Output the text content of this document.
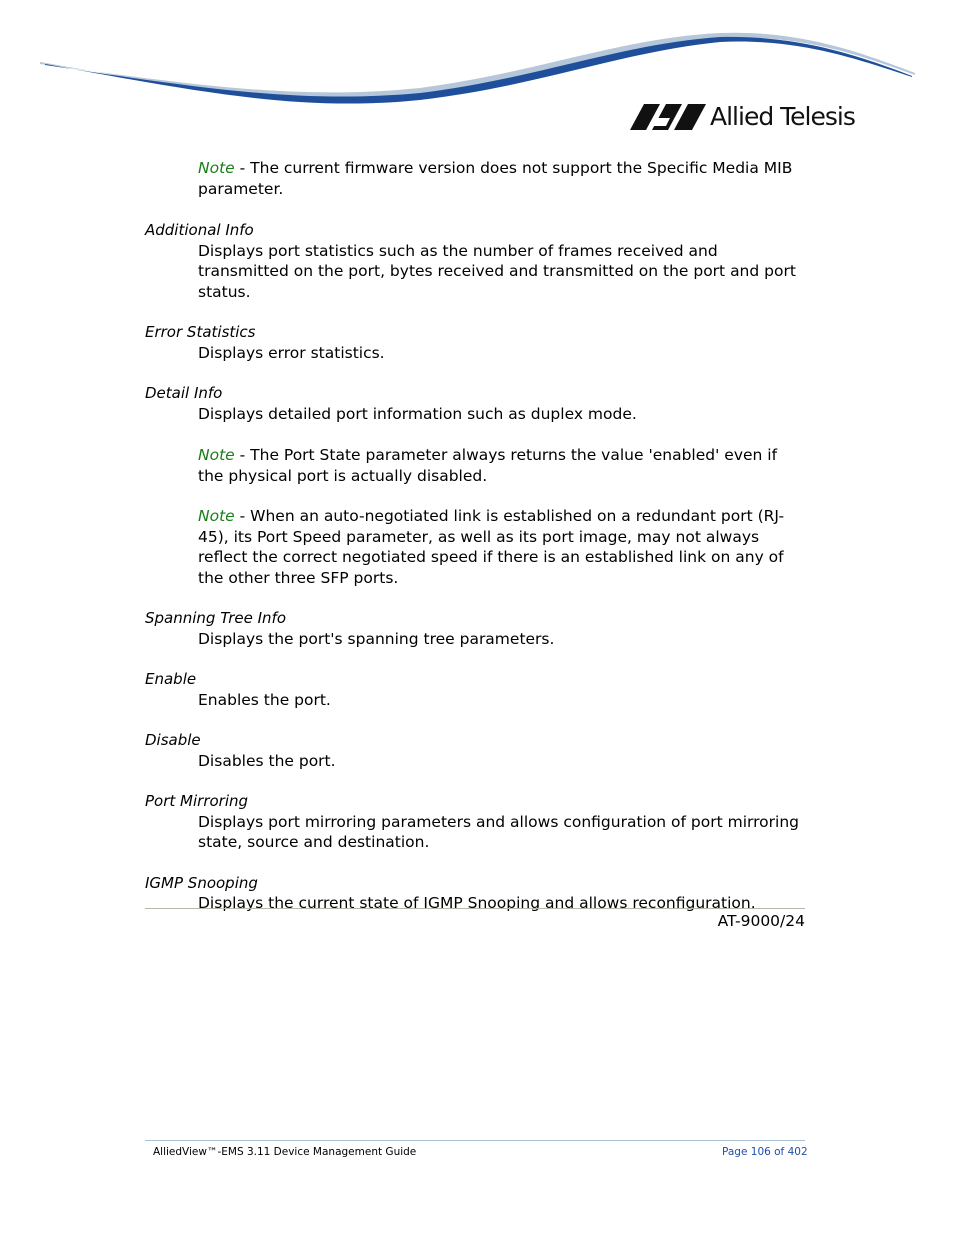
Allied Telesis

Note - The current firmware version does not support the Specific Media MIB parameter.

Additional Info

Displays port statistics such as the number of frames received and transmitted on the port, bytes received and transmitted on the port and port status.

Error Statistics

Displays error statistics.

Detail Info

Displays detailed port information such as duplex mode.

Note - The Port State parameter always returns the value 'enabled' even if the physical port is actually disabled.

Note - When an auto-negotiated link is established on a redundant port (RJ-45), its Port Speed parameter, as well as its port image, may not always reflect the correct negotiated speed if there is an established link on any of the other three SFP ports.

Spanning Tree Info

Displays the port's spanning tree parameters.

Enable

Enables the port.

Disable

Disables the port.

Port Mirroring

Displays port mirroring parameters and allows configuration of port mirroring state, source and destination.

IGMP Snooping

Displays the current state of IGMP Snooping and allows reconfiguration.

AT-9000/24
AlliedView™-EMS 3.11 Device Management Guide	Page 106 of 402
